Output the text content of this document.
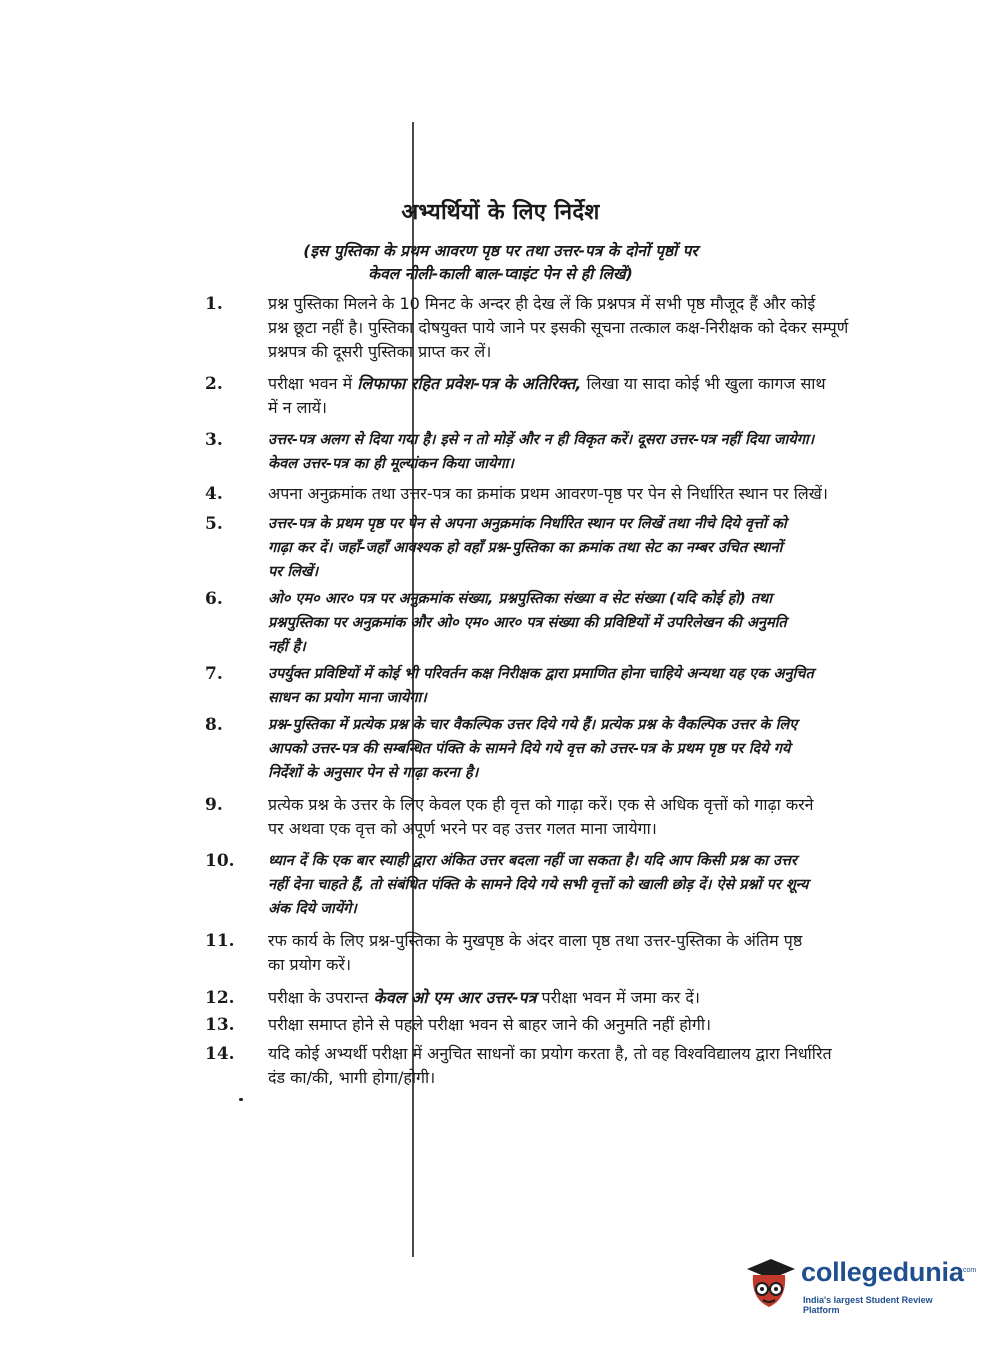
अभ्यर्थियों के लिए निर्देश
(इस पुस्तिका के प्रथम आवरण पृष्ठ पर तथा उत्तर-पत्र के दोनों पृष्ठों पर
केवल नीली-काली बाल-प्वाइंट पेन से ही लिखें)
1.	प्रश्न पुस्तिका मिलने के 10 मिनट के अन्दर ही देख लें कि प्रश्नपत्र में सभी पृष्ठ मौजूद हैं और कोई
प्रश्न छूटा नहीं है। पुस्तिका दोषयुक्त पाये जाने पर इसकी सूचना तत्काल कक्ष-निरीक्षक को देकर सम्पूर्ण
प्रश्नपत्र की दूसरी पुस्तिका प्राप्त कर लें।
2.	परीक्षा भवन में लिफाफा रहित प्रवेश-पत्र के अतिरिक्त, लिखा या सादा कोई भी खुला कागज साथ
में न लायें।
3.	उत्तर-पत्र अलग से दिया गया है। इसे न तो मोड़ें और न ही विकृत करें। दूसरा उत्तर-पत्र नहीं दिया जायेगा।
केवल उत्तर-पत्र का ही मूल्यांकन किया जायेगा।
4.	अपना अनुक्रमांक तथा उत्तर-पत्र का क्रमांक प्रथम आवरण-पृष्ठ पर पेन से निर्धारित स्थान पर लिखें।
5.	उत्तर-पत्र के प्रथम पृष्ठ पर पेन से अपना अनुक्रमांक निर्धारित स्थान पर लिखें तथा नीचे दिये वृत्तों को
गाढ़ा कर दें। जहाँ-जहाँ आवश्यक हो वहाँ प्रश्न-पुस्तिका का क्रमांक तथा सेट का नम्बर उचित स्थानों
पर लिखें।
6.	ओ० एम० आर० पत्र पर अनुक्रमांक संख्या, प्रश्नपुस्तिका संख्या व सेट संख्या (यदि कोई हो) तथा
प्रश्नपुस्तिका पर अनुक्रमांक और ओ० एम० आर० पत्र संख्या की प्रविष्टियों में उपरिलेखन की अनुमति
नहीं है।
7.	उपर्युक्त प्रविष्टियों में कोई भी परिवर्तन कक्ष निरीक्षक द्वारा प्रमाणित होना चाहिये अन्यथा यह एक अनुचित
साधन का प्रयोग माना जायेगा।
8.	प्रश्न-पुस्तिका में प्रत्येक प्रश्न के चार वैकल्पिक उत्तर दिये गये हैं। प्रत्येक प्रश्न के वैकल्पिक उत्तर के लिए
आपको उत्तर-पत्र की सम्बन्धित पंक्ति के सामने दिये गये वृत्त को उत्तर-पत्र के प्रथम पृष्ठ पर दिये गये
निर्देशों के अनुसार पेन से गाढ़ा करना है।
9.	प्रत्येक प्रश्न के उत्तर के लिए केवल एक ही वृत्त को गाढ़ा करें। एक से अधिक वृत्तों को गाढ़ा करने
पर अथवा एक वृत्त को अपूर्ण भरने पर वह उत्तर गलत माना जायेगा।
10.	ध्यान दें कि एक बार स्याही द्वारा अंकित उत्तर बदला नहीं जा सकता है। यदि आप किसी प्रश्न का उत्तर
नहीं देना चाहते हैं, तो संबंधित पंक्ति के सामने दिये गये सभी वृत्तों को खाली छोड़ दें। ऐसे प्रश्नों पर शून्य
अंक दिये जायेंगे।
11.	रफ कार्य के लिए प्रश्न-पुस्तिका के मुखपृष्ठ के अंदर वाला पृष्ठ तथा उत्तर-पुस्तिका के अंतिम पृष्ठ
का प्रयोग करें।
12.	परीक्षा के उपरान्त केवल ओ एम आर उत्तर-पत्र परीक्षा भवन में जमा कर दें।
13.	परीक्षा समाप्त होने से पहले परीक्षा भवन से बाहर जाने की अनुमति नहीं होगी।
14.	यदि कोई अभ्यर्थी परीक्षा में अनुचित साधनों का प्रयोग करता है, तो वह विश्वविद्यालय द्वारा निर्धारित
दंड का/की, भागी होगा/होगी।
collegedunia
.com
India's largest Student Review Platform
